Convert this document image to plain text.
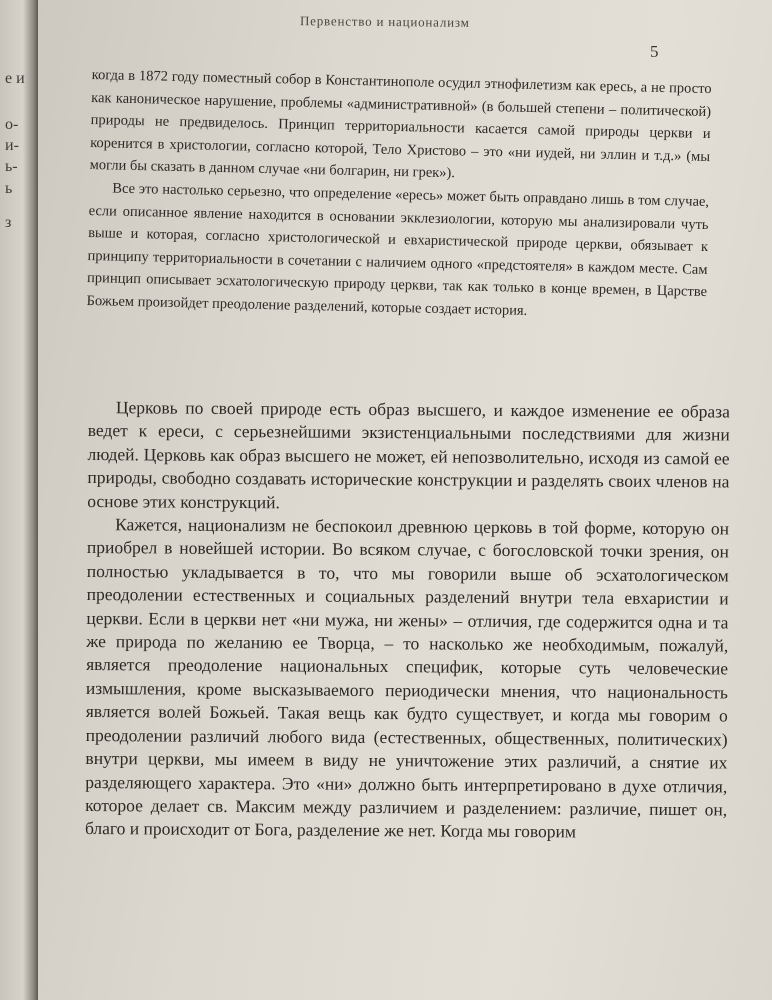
е и
о-
и-
ь-
ь
з
Первенство и национализм
5

когда в 1872 году поместный собор в Константинополе осудил этнофилетизм как ересь, а не просто как каноническое нарушение, проблемы «административной» (в большей степени – политической) природы не предвиделось. Принцип территориальности касается самой природы церкви и коренится в христологии, согласно которой, Тело Христово – это «ни иудей, ни эллин и т.д.» (мы могли бы сказать в данном случае «ни болгарин, ни грек»).

Все это настолько серьезно, что определение «ересь» может быть оправдано лишь в том случае, если описанное явление находится в основании экклезиологии, которую мы анализировали чуть выше и которая, согласно христологической и евхаристической природе церкви, обязывает к принципу территориальности в сочетании с наличием одного «предстоятеля» в каждом месте. Сам принцип описывает эсхатологическую природу церкви, так как только в конце времен, в Царстве Божьем произойдет преодоление разделений, которые создает история.

Церковь по своей природе есть образ высшего, и каждое изменение ее образа ведет к ереси, с серьезнейшими экзистенциальными последствиями для жизни людей. Церковь как образ высшего не может, ей непозволительно, исходя из самой ее природы, свободно создавать исторические конструкции и разделять своих членов на основе этих конструкций.

Кажется, национализм не беспокоил древнюю церковь в той форме, которую он приобрел в новейшей истории. Во всяком случае, с богословской точки зрения, он полностью укладывается в то, что мы говорили выше об эсхатологическом преодолении естественных и социальных разделений внутри тела евхаристии и церкви. Если в церкви нет «ни мужа, ни жены» – отличия, где содержится одна и та же природа по желанию ее Творца, – то насколько же необходимым, пожалуй, является преодоление национальных специфик, которые суть человеческие измышления, кроме высказываемого периодически мнения, что национальность является волей Божьей. Такая вещь как будто существует, и когда мы говорим о преодолении различий любого вида (естественных, общественных, политических) внутри церкви, мы имеем в виду не уничтожение этих различий, а снятие их разделяющего характера. Это «ни» должно быть интерпретировано в духе отличия, которое делает св. Максим между различием и разделением: различие, пишет он, благо и происходит от Бога, разделение же нет. Когда мы говорим
